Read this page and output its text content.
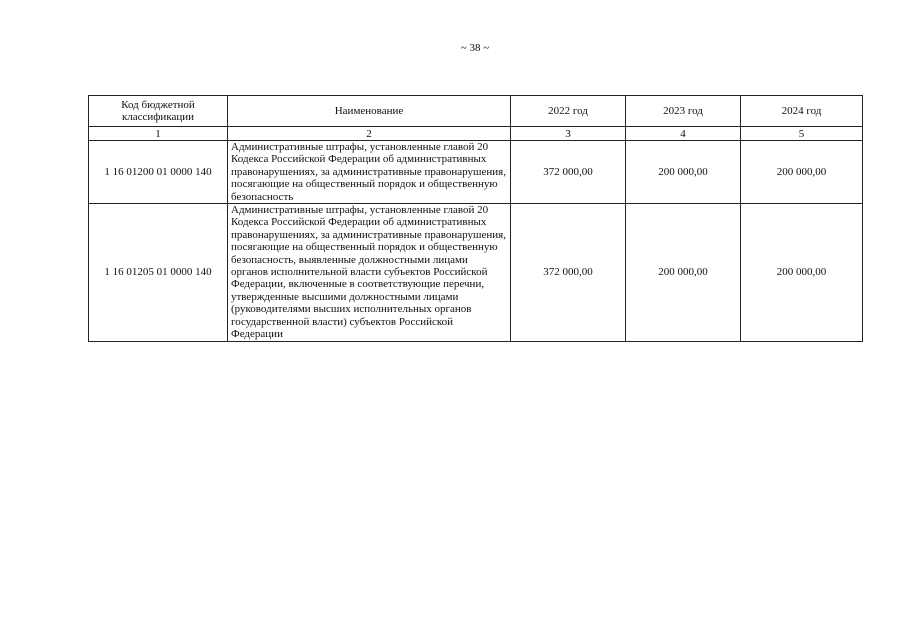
~ 38 ~
Код бюджетной классификации	Наименование	2022 год	2023 год	2024 год
1	2	3	4	5
1 16 01200 01 0000 140	Административные штрафы, установленные главой 20 Кодекса Российской Федерации об административных правонарушениях, за административные правонарушения, посягающие на общественный порядок и общественную безопасность	372 000,00	200 000,00	200 000,00
1 16 01205 01 0000 140	Административные штрафы, установленные главой 20 Кодекса Российской Федерации об административных правонарушениях, за административные правонарушения, посягающие на общественный порядок и общественную безопасность, выявленные должностными лицами органов исполнительной власти субъектов Российской Федерации, включенные в соответствующие перечни, утвержденные высшими должностными лицами (руководителями высших исполнительных органов государственной власти) субъектов Российской Федерации	372 000,00	200 000,00	200 000,00
